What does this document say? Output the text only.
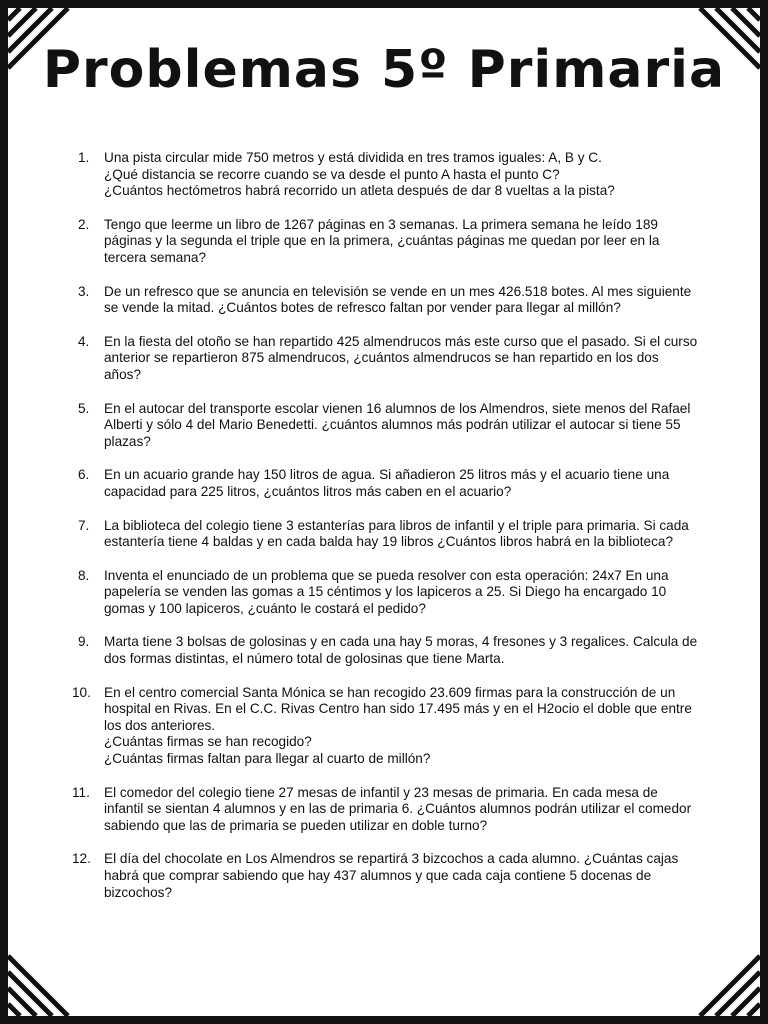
Problemas 5º Primaria
1. Una pista circular mide 750 metros y está dividida en tres tramos iguales: A, B y C.
¿Qué distancia se recorre cuando se va desde el punto A hasta el punto C?
¿Cuántos hectómetros habrá recorrido un atleta después de dar 8 vueltas a la pista?
2. Tengo que leerme un libro de 1267 páginas en 3 semanas. La primera semana he leído 189
páginas y la segunda el triple que en la primera, ¿cuántas páginas me quedan por leer en la
tercera semana?
3. De un refresco que se anuncia en televisión se vende en un mes 426.518 botes. Al mes siguiente
se vende la mitad. ¿Cuántos botes de refresco faltan por vender para llegar al millón?
4. En la fiesta del otoño se han repartido 425 almendrucos más este curso que el pasado. Si el curso
anterior se repartieron 875 almendrucos, ¿cuántos almendrucos se han repartido en los dos
años?
5. En el autocar del transporte escolar vienen 16 alumnos de los Almendros, siete menos del Rafael
Alberti y sólo 4 del Mario Benedetti. ¿cuántos alumnos más podrán utilizar el autocar si tiene 55
plazas?
6. En un acuario grande hay 150 litros de agua. Si añadieron 25 litros más y el acuario tiene una
capacidad para 225 litros, ¿cuántos litros más caben en el acuario?
7. La biblioteca del colegio tiene 3 estanterías para libros de infantil y el triple para primaria. Si cada
estantería tiene 4 baldas y en cada balda hay 19 libros ¿Cuántos libros habrá en la biblioteca?
8. Inventa el enunciado de un problema que se pueda resolver con esta operación: 24x7 En una
papelería se venden las gomas a 15 céntimos y los lapiceros a 25. Si Diego ha encargado 10
gomas y 100 lapiceros, ¿cuánto le costará el pedido?
9. Marta tiene 3 bolsas de golosinas y en cada una hay 5 moras, 4 fresones y 3 regalices. Calcula de
dos formas distintas, el número total de golosinas que tiene Marta.
10. En el centro comercial Santa Mónica se han recogido 23.609 firmas para la construcción de un
hospital en Rivas. En el C.C. Rivas Centro han sido 17.495 más y en el H2ocio el doble que entre
los dos anteriores.
¿Cuántas firmas se han recogido?
¿Cuántas firmas faltan para llegar al cuarto de millón?
11. El comedor del colegio tiene 27 mesas de infantil y 23 mesas de primaria. En cada mesa de
infantil se sientan 4 alumnos y en las de primaria 6. ¿Cuántos alumnos podrán utilizar el comedor
sabiendo que las de primaria se pueden utilizar en doble turno?
12. El día del chocolate en Los Almendros se repartirá 3 bizcochos a cada alumno. ¿Cuántas cajas
habrá que comprar sabiendo que hay 437 alumnos y que cada caja contiene 5 docenas de
bizcochos?
